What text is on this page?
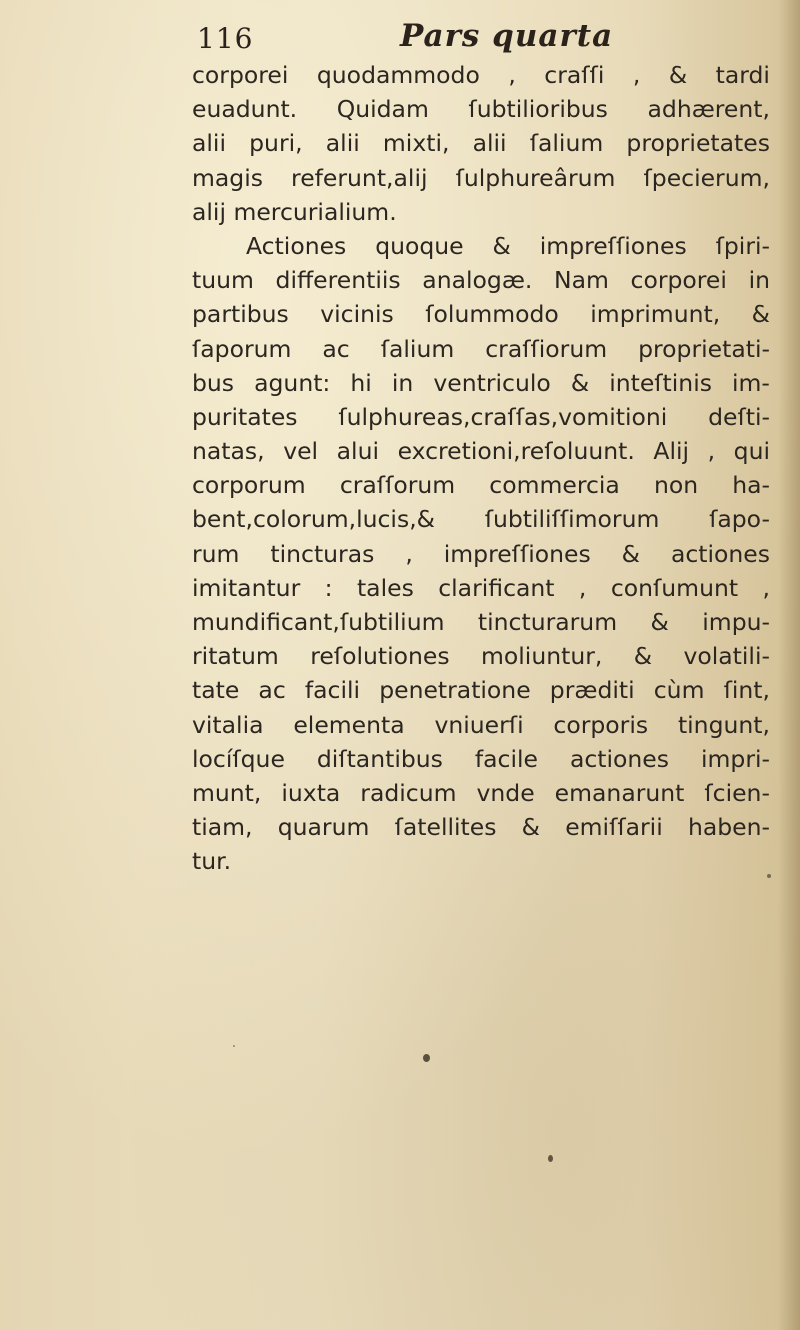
116	Pars quarta
corporei quodammodo , craſſi , & tardi
euadunt. Quidam ſubtilioribus adhærent,
alii puri, alii mixti, alii ſalium proprietates
magis referunt,alij ſulphureârum ſpecierum,
alij mercurialium.
Actiones quoque & impreſſiones ſpiri-
tuum differentiis analogæ. Nam corporei in
partibus vicinis ſolummodo imprimunt, &
ſaporum ac ſalium craſſiorum proprietati-
bus agunt: hi in ventriculo & inteſtinis im-
puritates ſulphureas,craſſas,vomitioni deſti-
natas, vel alui excretioni,reſoluunt. Alij , qui
corporum craſſorum commercia non ha-
bent,colorum,lucis,& ſubtiliſſimorum ſapo-
rum tincturas , impreſſiones & actiones
imitantur : tales clarificant , conſumunt ,
mundificant,ſubtilium tincturarum & impu-
ritatum reſolutiones moliuntur, & volatili-
tate ac facili penetratione præditi cùm ſint,
vitalia elementa vniuerſi corporis tingunt,
locíſque diſtantibus facile actiones impri-
munt, iuxta radicum vnde emanarunt ſcien-
tiam, quarum ſatellites & emiſſarii haben-
tur.
